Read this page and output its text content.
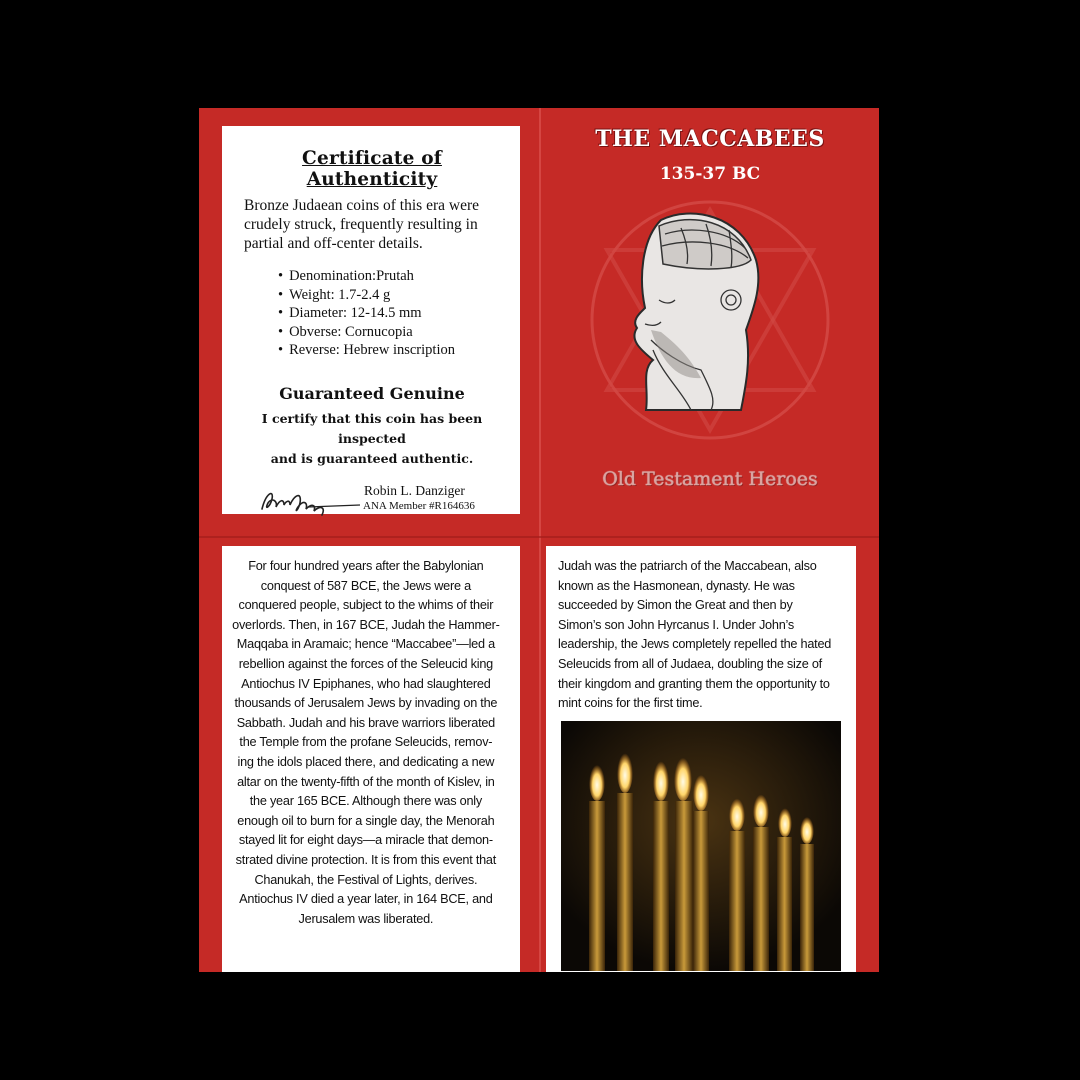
Certificate of Authenticity

Bronze Judaean coins of this era were crudely struck, frequently resulting in partial and off-center details.

• Denomination:Prutah
• Weight: 1.7-2.4 g
• Diameter: 12-14.5 mm
• Obverse: Cornucopia
• Reverse: Hebrew inscription
Guaranteed Genuine
I certify that this coin has been inspected
and is guaranteed authentic.
Robin L. Danziger
ANA Member #R164636
THE MACCABEES
135-37 BC
Old Testament Heroes

For four hundred years after the Babylonian conquest of 587 BCE, the Jews were a conquered people, subject to the whims of their overlords. Then, in 167 BCE, Judah the Hammer- Maqqaba in Aramaic; hence “Maccabee”—led a rebellion against the forces of the Seleucid king Antiochus IV Epiphanes, who had slaughtered thousands of Jerusalem Jews by invading on the Sabbath. Judah and his brave warriors liberated the Temple from the profane Seleucids, remov- ing the idols placed there, and dedicating a new altar on the twenty-fifth of the month of Kislev, in the year 165 BCE. Although there was only enough oil to burn for a single day, the Menorah stayed lit for eight days—a miracle that demon- strated divine protection. It is from this event that Chanukah, the Festival of Lights, derives. Antiochus IV died a year later, in 164 BCE, and Jerusalem was liberated.

Judah was the patriarch of the Maccabean, also known as the Hasmonean, dynasty. He was succeeded by Simon the Great and then by Simon’s son John Hyrcanus I. Under John’s leadership, the Jews completely repelled the hated Seleucids from all of Judaea, doubling the size of their kingdom and granting them the opportunity to mint coins for the first time.
